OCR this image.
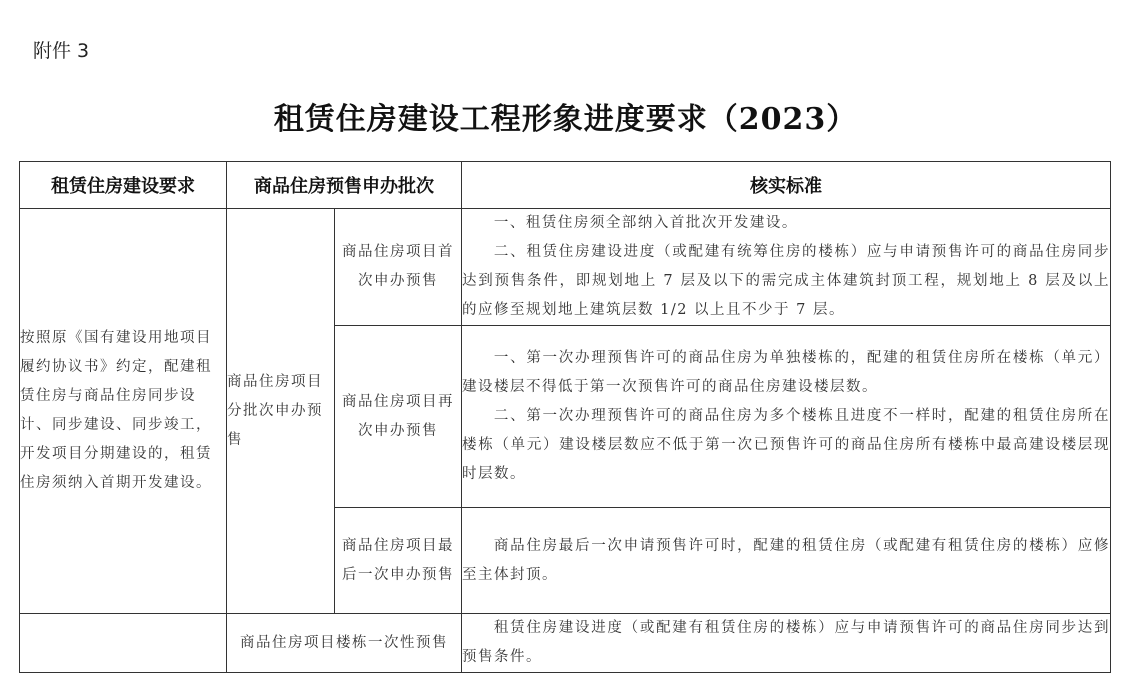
附件 3
租赁住房建设工程形象进度要求（2023）
租赁住房建设要求	商品住房预售申办批次		核实标准
按照原《国有建设用地项目履约协议书》约定，配建租赁住房与商品住房同步设计、同步建设、同步竣工，开发项目分期建设的，租赁住房须纳入首期开发建设。	商品住房项目分批次申办预售	商品住房项目首次申办预售	一、租赁住房须全部纳入首批次开发建设。

二、租赁住房建设进度（或配建有统筹住房的楼栋）应与申请预售许可的商品住房同步达到预售条件，即规划地上 7 层及以下的需完成主体建筑封顶工程，规划地上 8 层及以上的应修至规划地上建筑层数 1/2 以上且不少于 7 层。

		商品住房项目再次申办预售	一、第一次办理预售许可的商品住房为单独楼栋的，配建的租赁住房所在楼栋（单元）建设楼层不得低于第一次预售许可的商品住房建设楼层数。

二、第一次办理预售许可的商品住房为多个楼栋且进度不一样时，配建的租赁住房所在楼栋（单元）建设楼层数应不低于第一次已预售许可的商品住房所有楼栋中最高建设楼层现时层数。

		商品住房项目最后一次申办预售	商品住房最后一次申请预售许可时，配建的租赁住房（或配建有租赁住房的楼栋）应修至主体封顶。

	商品住房项目楼栋一次性预售		租赁住房建设进度（或配建有租赁住房的楼栋）应与申请预售许可的商品住房同步达到预售条件。
